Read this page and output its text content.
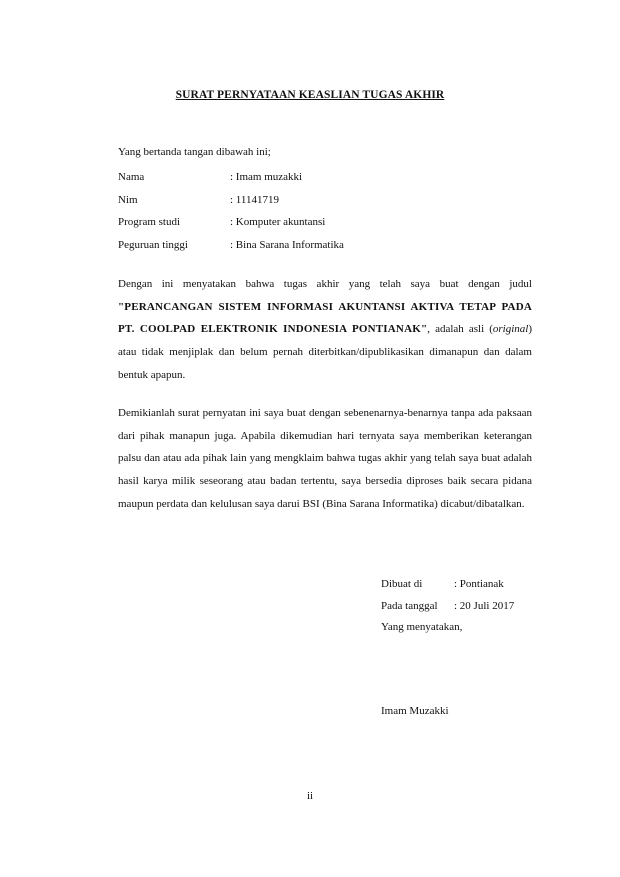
SURAT PERNYATAAN KEASLIAN TUGAS AKHIR
Yang bertanda tangan dibawah ini;
Nama	: Imam muzakki
Nim	: 11141719
Program studi	: Komputer akuntansi
Peguruan tinggi	: Bina Sarana Informatika

Dengan ini menyatakan bahwa tugas akhir yang telah saya buat dengan judul "PERANCANGAN SISTEM INFORMASI AKUNTANSI AKTIVA TETAP PADA PT. COOLPAD ELEKTRONIK INDONESIA PONTIANAK", adalah asli (original) atau tidak menjiplak dan belum pernah diterbitkan/dipublikasikan dimanapun dan dalam bentuk apapun.

Demikianlah surat pernyatan ini saya buat dengan sebenenarnya-benarnya tanpa ada paksaan dari pihak manapun juga. Apabila dikemudian hari ternyata saya memberikan keterangan palsu dan atau ada pihak lain yang mengklaim bahwa tugas akhir yang telah saya buat adalah hasil karya milik seseorang atau badan tertentu, saya bersedia diproses baik secara pidana maupun perdata dan kelulusan saya darui BSI (Bina Sarana Informatika) dicabut/dibatalkan.

Dibuat di	: Pontianak
Pada tanggal	: 20 Juli 2017
Yang menyatakan,
Imam Muzakki
ii
